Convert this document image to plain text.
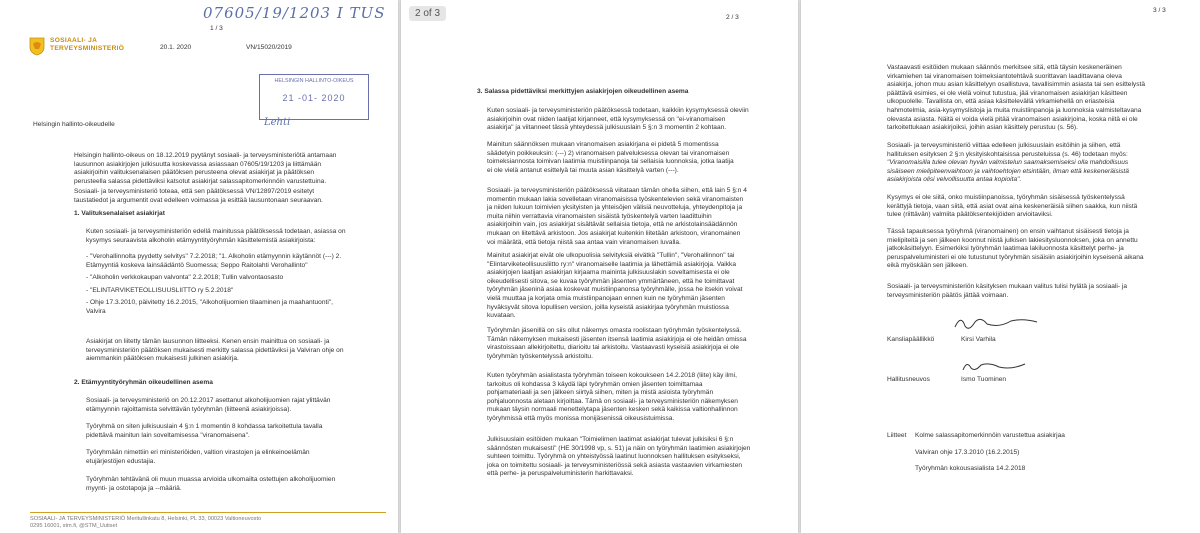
07605/19/1203 I TUS
SOSIAALI- JA
TERVEYSMINISTERIÖ
1 / 3
20.1. 2020	VN/15020/2019
HELSINGIN HALLINTO-OIKEUS
21 -01- 2020
Lehti
Helsingin hallinto-oikeudelle
Helsingin hallinto-oikeus on 18.12.2019 pyytänyt sosiaali- ja terveysministeriötä antamaan
lausunnon asiakirjojen julkisuutta koskevassa asiassaan 07605/19/1203 ja liittämään
asiakirjoihin valituksenalaisen päätöksen perusteena olevat asiakirjat ja päätöksen
perusteella salassa pidettäviksi katsotut asiakirjat salassapitomerkinnöin varustettuina.
Sosiaali- ja terveysministeriö toteaa, että sen päätöksessä VN/12897/2019 esitetyt
taustatiedot ja argumentit ovat edelleen voimassa ja esittää lausuntonaan seuraavan.
1. Valituksenalaiset asiakirjat
Kuten sosiaali- ja terveysministeriön edellä mainitussa päätöksessä todetaan, asiassa on
kysymys seuraavista alkoholin etämyyntityöryhmän käsittelemistä asiakirjoista:
- "Verohallinnolta pyydetty selvitys" 7.2.2018; "1. Alkoholin etämyynnin käytännöt (---) 2.
Etämyyntiä koskeva lainsäädäntö Suomessa; Seppo Raitolahti Verohallinto"
- "Alkoholin verkkokaupan valvonta" 2.2.2018; Tullin valvontaosasto
- "ELINTARVIKETEOLLISUUSLIITTO ry 5.2.2018"
- Ohje 17.3.2010, päivitetty 16.2.2015, "Alkoholijuomien tilaaminen ja maahantuonti",
Valvira
Asiakirjat on liitetty tämän lausunnon liitteeksi. Kenen ensin mainittua on sosiaali- ja
terveysministeriön päätöksen mukaisesti merkitty salassa pidettäviksi ja Valviran ohje on
aiemmankin päätöksen mukaisesti julkinen asiakirja.
2. Etämyyntityöryhmän oikeudellinen asema
Sosiaali- ja terveysministeriö on 20.12.2017 asettanut alkoholijuomien rajat ylittävän
etämyynnin rajoittamista selvittävän työryhmän (liitteenä asiakirjoissa).
Työryhmä on siten julkisuuslain 4 §:n 1 momentin 8 kohdassa tarkoitettula tavalla
pidettävä mainitun lain soveltamisessa "viranomaisena".
Työryhmään nimettiin eri ministeriöiden, valtion virastojen ja elinkeinoelämän
etujärjestöjen edustajia.
Työryhmän tehtävänä oli muun muassa arvioida ulkomailta ostettujen alkoholijuomien
myynti- ja ostotapoja ja --määriä.
SOSIAALI- JA TERVEYSMINISTERIÖ Meritullinkatu 8, Helsinki, PL 33, 00023 Valtioneuvosto
0295 16001, stm.fi, @STM_Uutiset
2 of 3	2 / 3
3. Salassa pidettäviksi merkittyjen asiakirjojen oikeudellinen asema
Kuten sosiaali- ja terveysministeriön päätöksessä todetaan, kaikkiin kysymyksessä oleviin
asiakirjoihin ovat niiden laatijat kirjanneet, että kysymyksessä on "ei-viranomaisen
asiakirja" ja viitanneet tässä yhteydessä julkisuuslain 5 §:n 3 momentin 2 kohtaan.
Mainitun säännöksen mukaan viranomaisen asiakirjana ei pidetä 5 momentissa
säädetyin poikkeuksin: (---) 2) viranomaisen palveluksessa olevan tai viranomaisen
toimeksiannosta toimivan laatimia muistiinpanoja tai sellaisia luonnoksia, jotka laatija
ei ole vielä antanut esittelyä tai muuta asian käsittelyä varten (---).
Sosiaali- ja terveysministeriön päätöksessä viitataan tämän ohella siihen, että lain 5 §:n 4
momentin mukaan lakia sovelletaan viranomaisissa työskentelevien sekä viranomaisten
ja niiden lukuun toimivien yksityisten ja yhteisöjen välisiä neuvotteluja, yhteydenpitoja ja
muita niihin verrattavia viranomaisten sisäistä työskentelyä varten laadittuihin
asiakirjoihin vain, jos asiakirjat sisältävät sellaisia tietoja, että ne arkistolainsäädännön
mukaan on liitettävä arkistoon. Jos asiakirjat kuitenkin liitetään arkistoon, viranomainen
voi määrätä, että tietoja niistä saa antaa vain viranomaisen luvalla.
Mainitut asiakirjat eivät ole ulkopuolisia selvityksiä eivätkä "Tullin", "Verohallinnon" tai
"Elintarviketeollisuusliitto ry:n" viranomaiselle laatimia ja lähettämiä asiakirjoja. Vaikka
asiakirjojen laatijan asiakirjan kirjaama maininta julkisuuslakin soveltamisesta ei ole
oikeudellisesti sitova, se kuvaa työryhmän jäsenten ymmärtäneen, että he toimittavat
työryhmän jäseninä asiaa koskevat muistiinpanonsa työryhmälle, jossa he itsekin voivat
vielä muuttaa ja korjata omia muistiinpanojaan ennen kuin ne työryhmän jäsenten
hyväksyvät sitova lopullisen version, joilla kyseistä asiakirjaa työryhmän muistiossa
kuvataan.
Työryhmän jäsenillä on siis ollut näkemys omasta roolistaan työryhmän työskentelyssä.
Tämän näkemyksen mukaisesti jäsenten itsensä laatimia asiakirjoja ei ole heidän omissa
virastoissaan allekirjoitettu, diarioitu tai arkistoitu. Vastaavasti kyseisiä asiakirjoja ei ole
työryhmän työskentelyssä arkistoitu.
Kuten työryhmän asialistasta työryhmän toiseen kokoukseen 14.2.2018 (liite) käy ilmi,
tarkoitus oli kohdassa 3 käydä läpi työryhmän omien jäsenten toimittamaa
pohjamateriaali ja sen jälkeen siirtyä siihen, miten ja mistä asioista työryhmän
pohjaluonnosta aletaan kirjoittaa. Tämä on sosiaali- ja terveysministeriön näkemyksen
mukaan täysin normaali menettelytapa jäsenten kesken sekä kaikissa valtionhallinnon
työryhmissä että myös monissa monijäsenissä oikeusistuimissa.
Julkisuuslain esitöiden mukaan "Toimielimen laatimat asiakirjat tulevat julkisiksi 6 §:n
säännösten mukaisesti" (HE 30/1998 vp, s. 51) ja näin on työryhmän laatimien asiakirjojen
suhteen toimittu. Työryhmä on yhteistyössä laatinut luonnoksen hallituksen esitykseksi,
joka on toimitettu sosiaali- ja terveysministeriössä sekä asiasta vastaavien virkamiesten
että perhe- ja peruspalveluministerin harkittavaksi.
3 / 3
Vastaavasti esitöiden mukaan säännös merkitsee sitä, että täysin keskeneräinen
virkamiehen tai viranomaisen toimeksiantotehtävä suorittavan laadittavana oleva
asiakirja, johon muu asian käsittelyyn osallistuva, tavallisimmin asiasta tai sen esittelystä
päättävä esimies, ei ole vielä voinut tutustua, jää viranomaisen asiakirjan käsitteen
ulkopuolelle. Tavallista on, että asiaa käsittelevällä virkamiehellä on eriasteisia
hahmotelmia, asia-kysymyslistoja ja muita muistiinpanoja ja luonnoksia valmisteltavana
olevasta asiasta. Näitä ei voida vielä pitää viranomaisen asiakirjoina, koska niitä ei ole
tarkoitettukaan asiakirjoiksi, joihin asian käsittely perustuu (s. 56).
Sosiaali- ja terveysministeriö viittaa edelleen julkisuuslain esitöihin ja siihen, että
hallituksen esityksen 2 §:n yksityiskohtaisissa perusteluissa (s. 46) todetaan myös:
"Viranomaisilla tulee olevan hyvän valmistelun saamaksemiseksi olla mahdollisuus
sisäiseen mielipiteenvaihtoon ja vaihtoehtojen etsintään, ilman että keskeneräisistä
asiakirjoista olisi velvollisuutta antaa kopioita".
Kysymys ei ole siitä, onko muistiinpanoissa, työryhmän sisäisessä työskentelyssä
kerättyjä tietoja, vaan siitä, että asiat ovat aina keskeneräisiä siihen saakka, kun niistä
tulee (riittävän) valmiita päätöksentekijöiden arvioitaviksi.
Tässä tapauksessa työryhmä (viranomainen) on ensin vaihtanut sisäisesti tietoja ja
mielipiteitä ja sen jälkeen koonnut niistä julkisen lakiesitysluonnoksen, joka on annettu
jatkokäsittelyyn. Esimerkiksi työryhmän laatimaa lakiluonnosta käsittelyt perhe- ja
peruspalveluministeri ei ole tutustunut työryhmän sisäisiin asiakirjoihin kyseisenä aikana
eikä myöskään sen jälkeen.
Sosiaali- ja terveysministeriön käsityksen mukaan valitus tulisi hylätä ja sosiaali- ja
terveysministeriön päätös jättää voimaan.
Kansliapäällikkö	Kirsi Varhila
Hallitusneuvos	Ismo Tuominen
Liitteet Kolme salassapitomerkinnöin varustettua asiakirjaa
Valviran ohje 17.3.2010 (16.2.2015)
Työryhmän kokousasialista 14.2.2018
